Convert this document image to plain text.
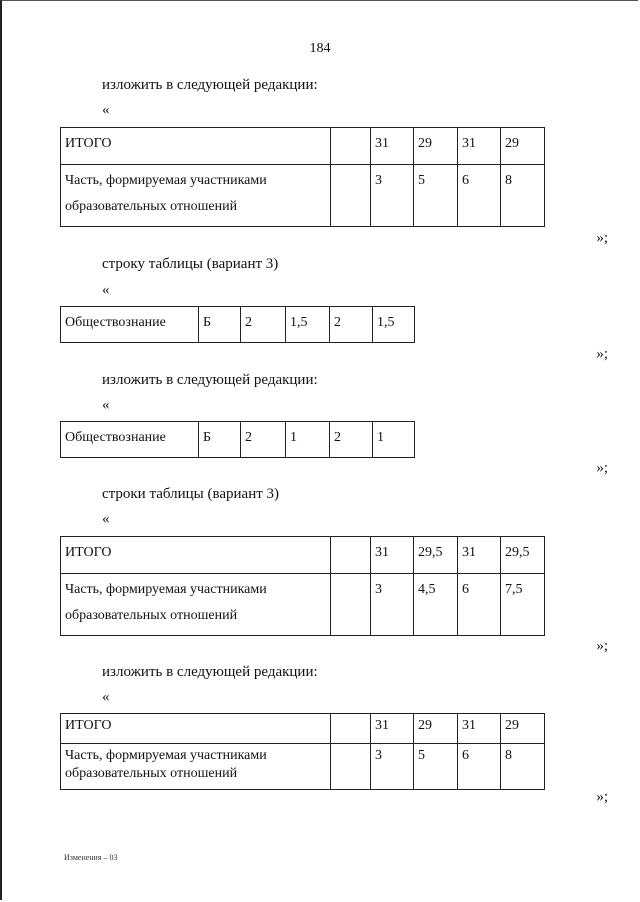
184
изложить в следующей редакции:
«
ИТОГО		31	29	31	29
Часть, формируемая участниками образовательных отношений		3	5	6	8
»;
строку таблицы (вариант 3)
«
Обществознание	Б	2	1,5	2	1,5
»;
изложить в следующей редакции:
«
Обществознание	Б	2	1	2	1
»;
строки таблицы (вариант 3)
«
ИТОГО		31	29,5	31	29,5
Часть, формируемая участниками образовательных отношений		3	4,5	6	7,5
»;
изложить в следующей редакции:
«
ИТОГО		31	29	31	29
Часть, формируемая участниками образовательных отношений		3	5	6	8
»;
Изменения – 03
